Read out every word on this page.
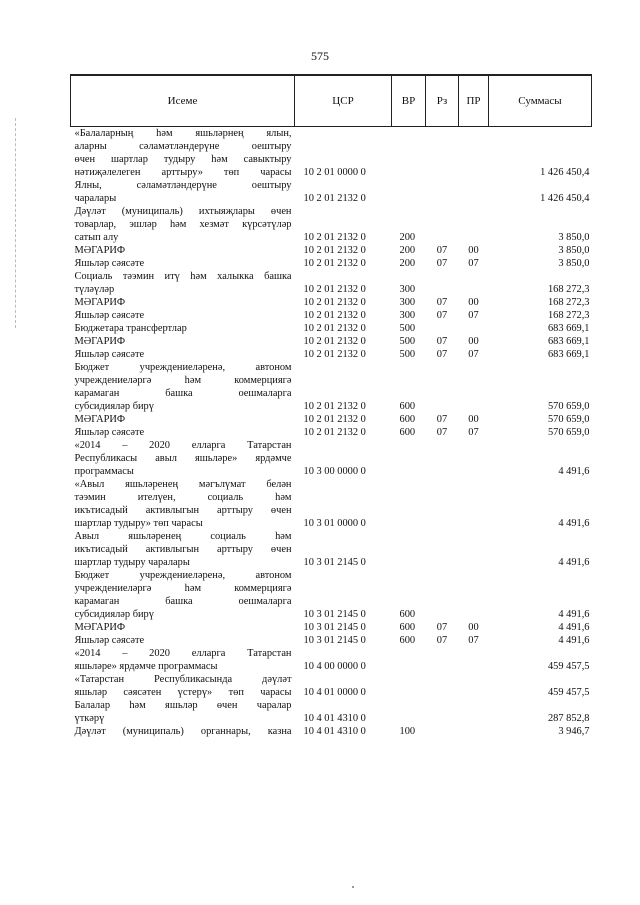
575
Исеме	ЦСР	ВР	Рз	ПР	Суммасы

«Балаларның һәм яшьләрнең ялын,
аларны сәламәтләндерүне оештыру
өчен шартлар тудыру һәм савыктыру
нәтиҗәлелеген арттыру» төп чарасы	10 2 01 0000 0				1 426 450,4

Ялны, сәламәтләндерүне оештыру
чаралары	10 2 01 2132 0				1 426 450,4

Дәүләт (муниципаль) ихтыяҗлары өчен
товарлар, эшләр һәм хезмәт күрсәтүләр
сатып алу	10 2 01 2132 0	200			3 850,0

МӘГАРИФ	10 2 01 2132 0	200	07	00	3 850,0

Яшьләр сәясәте	10 2 01 2132 0	200	07	07	3 850,0

Социаль тәэмин итү һәм халыкка башка
түләүләр	10 2 01 2132 0	300			168 272,3

МӘГАРИФ	10 2 01 2132 0	300	07	00	168 272,3

Яшьләр сәясәте	10 2 01 2132 0	300	07	07	168 272,3

Бюджетара трансфертлар	10 2 01 2132 0	500			683 669,1

МӘГАРИФ	10 2 01 2132 0	500	07	00	683 669,1

Яшьләр сәясәте	10 2 01 2132 0	500	07	07	683 669,1

Бюджет учреждениеләренә, автоном
учреждениеләргә һәм коммерциягә
карамаган башка оешмаларга
субсидияләр бирү	10 2 01 2132 0	600			570 659,0

МӘГАРИФ	10 2 01 2132 0	600	07	00	570 659,0

Яшьләр сәясәте	10 2 01 2132 0	600	07	07	570 659,0

«2014 – 2020 елларга Татарстан
Республикасы авыл яшьләре» ярдәмче
программасы	10 3 00 0000 0				4 491,6

«Авыл яшьләренең мәгълүмат белән
тәэмин ителүен, социаль һәм
икътисадый активлыгын арттыру өчен
шартлар тудыру» төп чарасы	10 3 01 0000 0				4 491,6

Авыл яшьләренең социаль һәм
икътисадый активлыгын арттыру өчен
шартлар тудыру чаралары	10 3 01 2145 0				4 491,6

Бюджет учреждениеләренә, автоном
учреждениеләргә һәм коммерциягә
карамаган башка оешмаларга
субсидияләр бирү	10 3 01 2145 0	600			4 491,6

МӘГАРИФ	10 3 01 2145 0	600	07	00	4 491,6

Яшьләр сәясәте	10 3 01 2145 0	600	07	07	4 491,6

«2014 – 2020 елларга Татарстан
яшьләре» ярдәмче программасы	10 4 00 0000 0				459 457,5

«Татарстан Республикасында дәүләт
яшьләр сәясәтен үстерү» төп чарасы	10 4 01 0000 0				459 457,5

Балалар һәм яшьләр өчен чаралар
үткәрү	10 4 01 4310 0				287 852,8

Дәүләт (муниципаль) органнары, казна	10 4 01 4310 0	100			3 946,7
